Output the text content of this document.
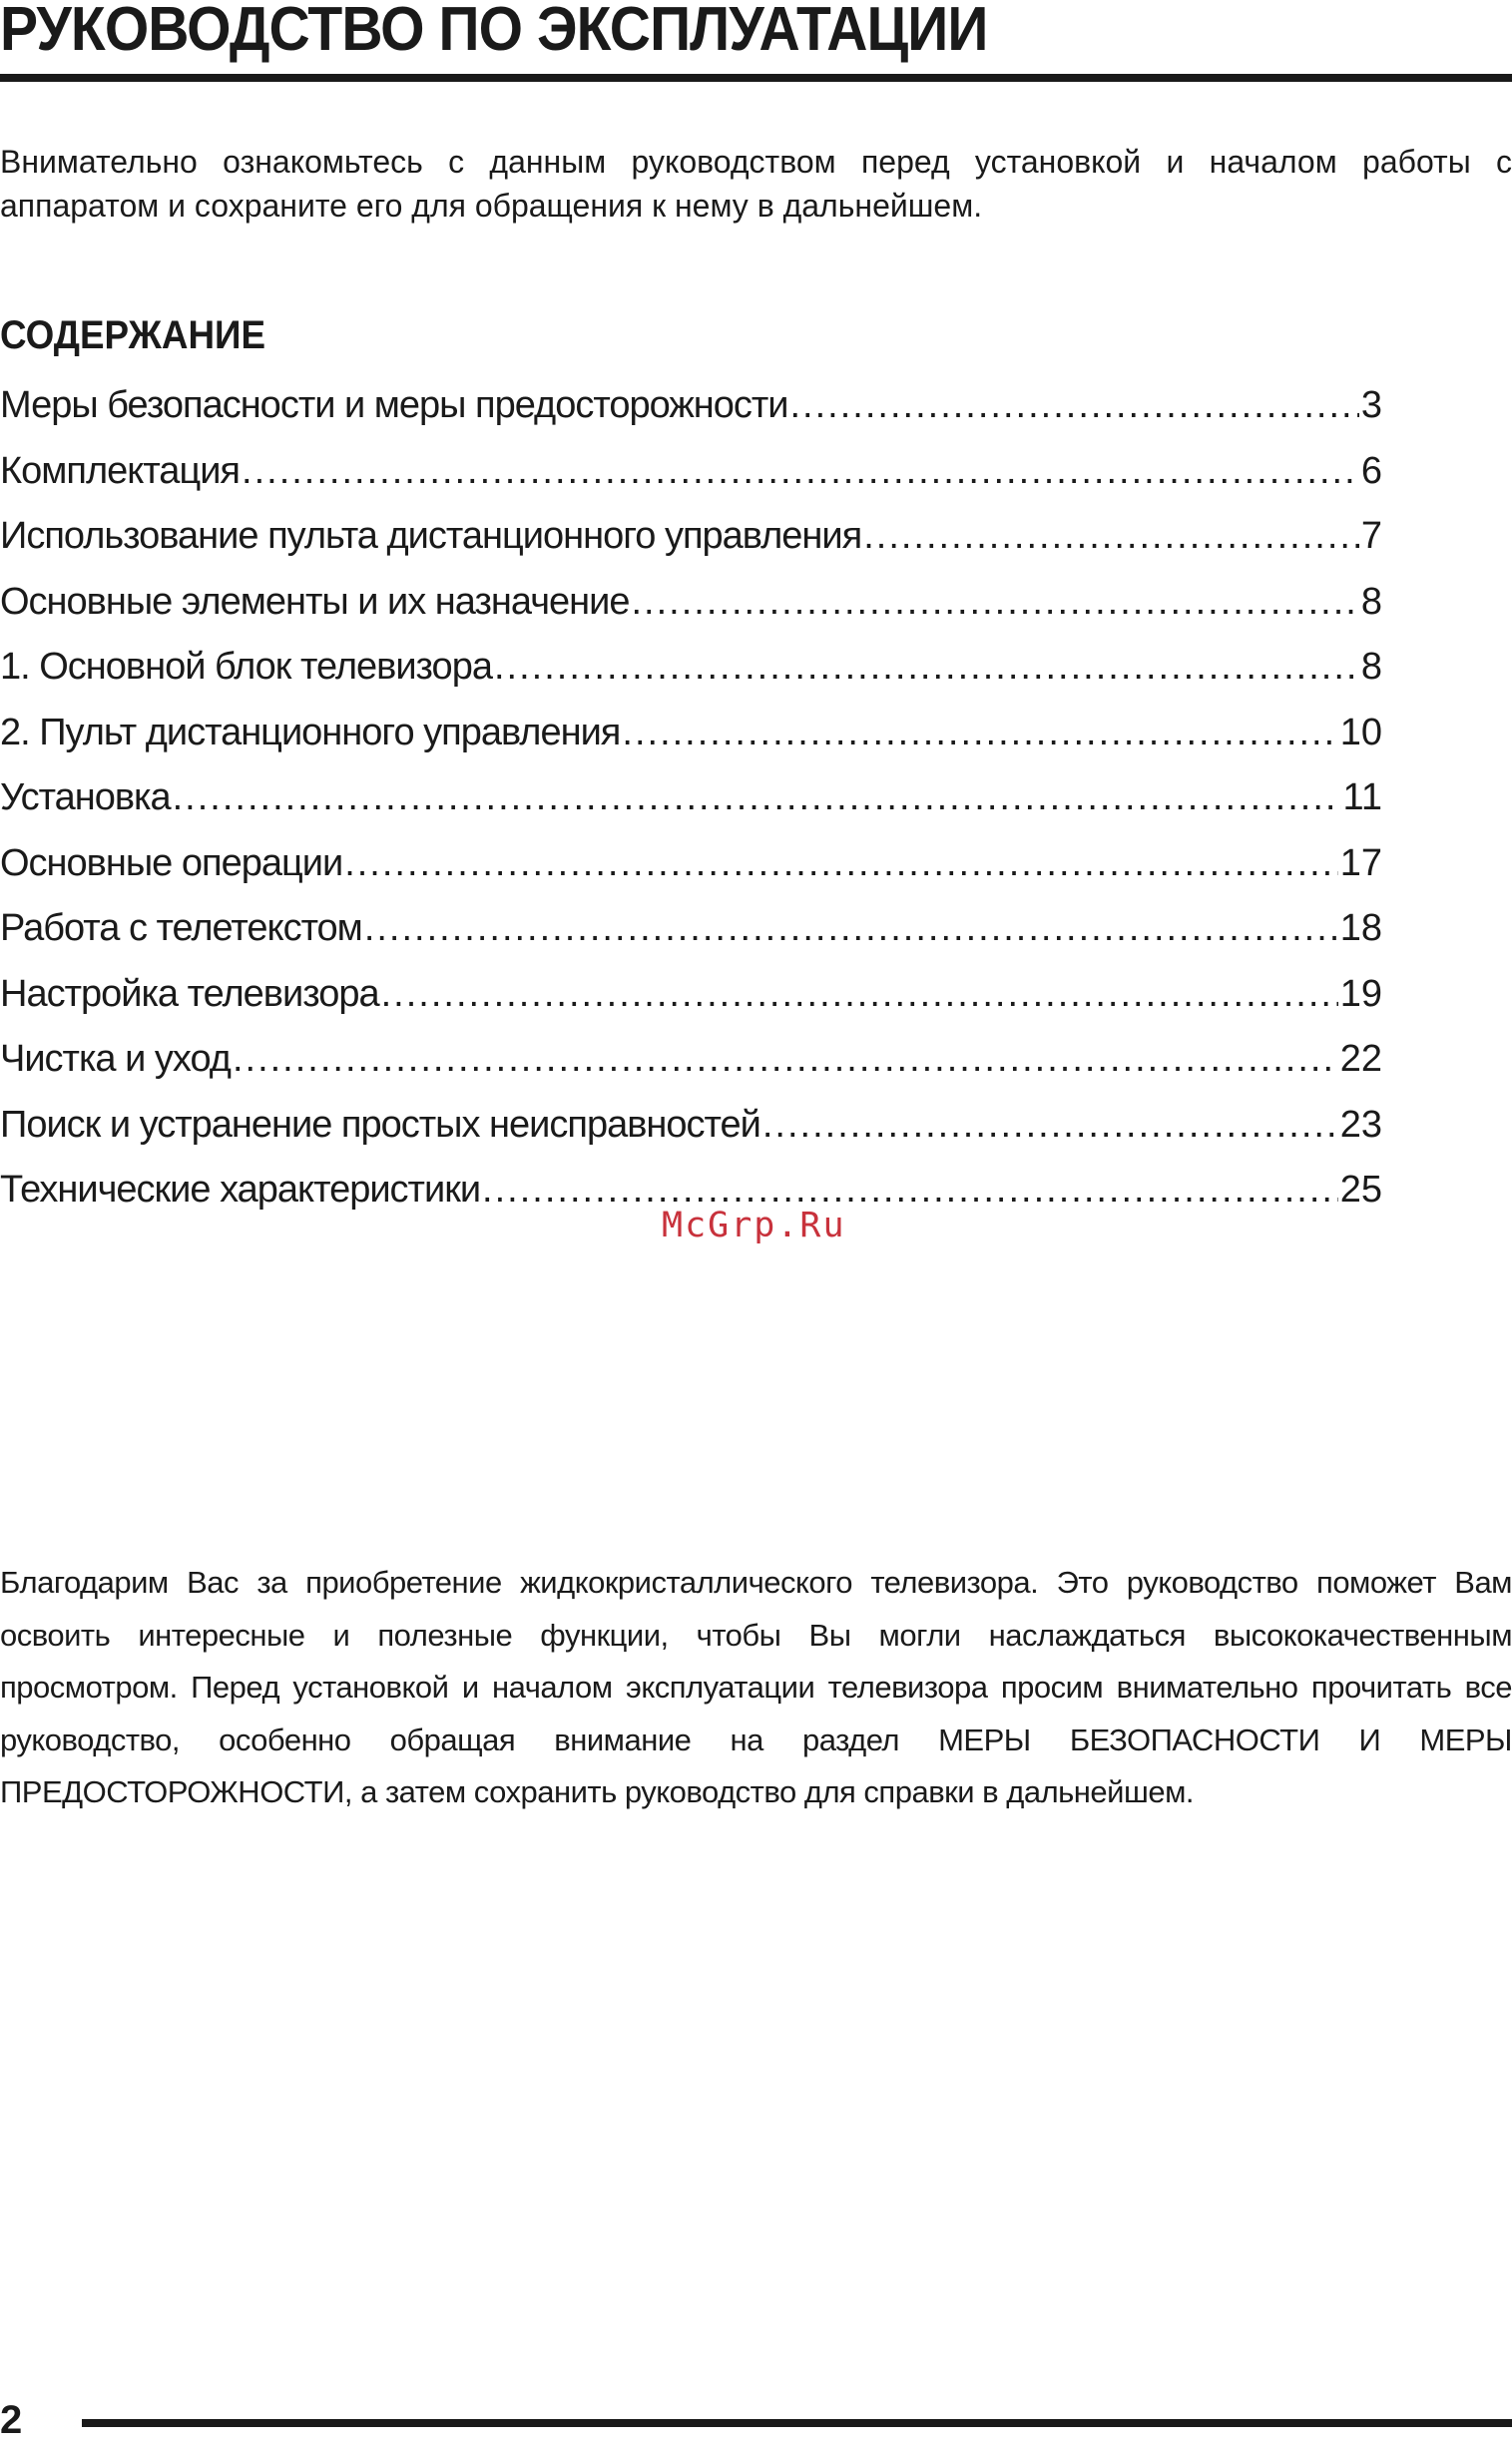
РУКОВОДСТВО ПО ЭКСПЛУАТАЦИИ

Внимательно ознакомьтесь с данным руководством перед установкой и началом работы с аппаратом и сохраните его для обращения к нему в дальнейшем.

СОДЕРЖАНИЕ
Меры безопасности и меры предосторожности .....	3
Комплектация .....	6
Использование пульта дистанционного управления .....	7
Основные элементы и их назначение .....	8
1. Основной блок телевизора .....	8
2. Пульт дистанционного управления .....	10
Установка .....	11
Основные операции .....	17
Работа с телетекстом .....	18
Настройка телевизора .....	19
Чистка и уход .....	22
Поиск и устранение простых неисправностей .....	23
Технические характеристики .....	25
McGrp.Ru

Благодарим Вас за приобретение жидкокристаллического телевизора. Это руководство поможет Вам освоить интересные и полезные функции, чтобы Вы могли наслаждаться высококачественным просмотром. Перед установкой и началом эксплуатации телевизора просим внимательно прочитать все руководство, особенно обращая внимание на раздел МЕРЫ БЕЗОПАСНОСТИ И МЕРЫ ПРЕДОСТОРОЖНОСТИ, а затем сохранить руководство для справки в дальнейшем.

2
